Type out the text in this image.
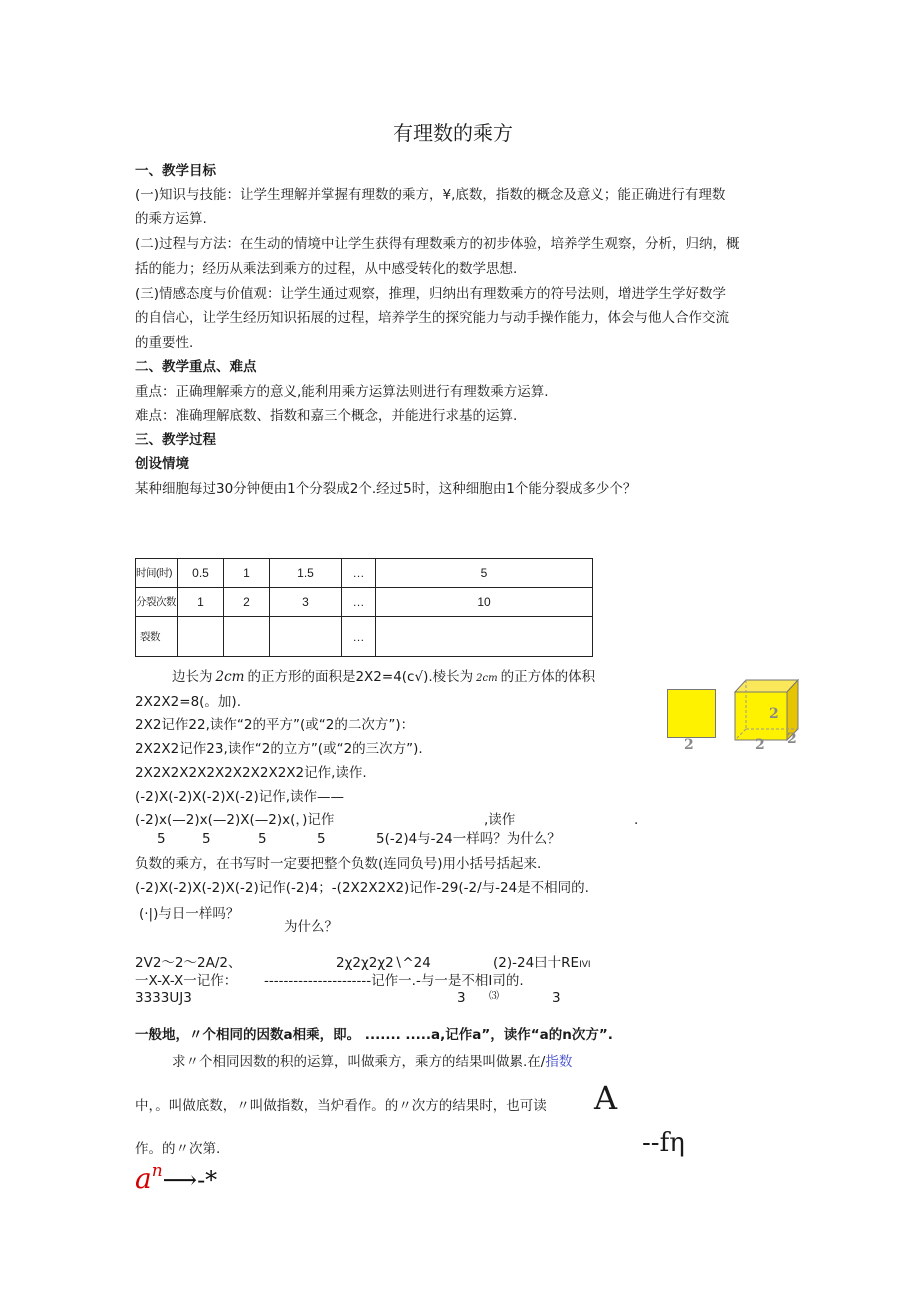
有理数的乘方
一、教学目标
(一)知识与技能：让学生理解并掌握有理数的乘方，¥,底数，指数的概念及意义；能正确进行有理数
的乘方运算.
(二)过程与方法：在生动的情境中让学生获得有理数乘方的初步体验，培养学生观察，分析，归纳，概
括的能力；经历从乘法到乘方的过程，从中感受转化的数学思想.
(三)情感态度与价值观：让学生通过观察，推理，归纳出有理数乘方的符号法则，增进学生学好数学
的自信心，让学生经历知识拓展的过程，培养学生的探究能力与动手操作能力，体会与他人合作交流
的重要性.
二、教学重点、难点
重点：正确理解乘方的意义,能利用乘方运算法则进行有理数乘方运算.
难点：准确理解底数、指数和嘉三个概念，并能进行求基的运算.
三、教学过程
创设情境
某种细胞每过30分钟便由1个分裂成2个.经过5时，这种细胞由1个能分裂成多少个？
时间(时)	0.5	1	1.5	…	5
分裂次数	1	2	3	…	10
裂数				…	
边长为 2cm 的正方形的面积是2X2=4(c√).棱长为 2cm 的正方体的体积
2X2X2=8(。加).
2X2记作22,读作“2的平方”(或“2的二次方”)：
2X2X2记作23,读作“2的立方”(或“2的三次方”).
2X2X2X2X2X2X2X2X2X2记作,读作.
(-2)X(-2)X(-2)X(-2)记作,读作——
(-2)x(—2)x(—2)X(—2)x(，)记作	,读作	.
5	5	5	5	5(-2)4与-24一样吗？为什么？
负数的乘方，在书写时一定要把整个负数(连同负号)用小括号括起来.
(-2)X(-2)X(-2)X(-2)记作(-2)4；-(2X2X2X2)记作-29(-2/与-24是不相同的.
(·|)与日一样吗？
为什么？
2V2～2～2A/2、	2χ2χ2χ2∖^24	(2)-24曰十REIVI
一X-X-X一记作： ----------------------记作一.-与一是不相I司的.
3333UJ3	3 ⑶	3
一般地，〃个相同的因数a相乘，即。 ....... .....a,记作a”，读作“a的n次方”.
求〃个相同因数的积的运算，叫做乘方，乘方的结果叫做累.在/指数
中，。叫做底数，〃叫做指数，当炉看作。的〃次方的结果时，也可读 A
作。的〃次第.	--fη
$a^n⟶-*$
2
2
2 2
